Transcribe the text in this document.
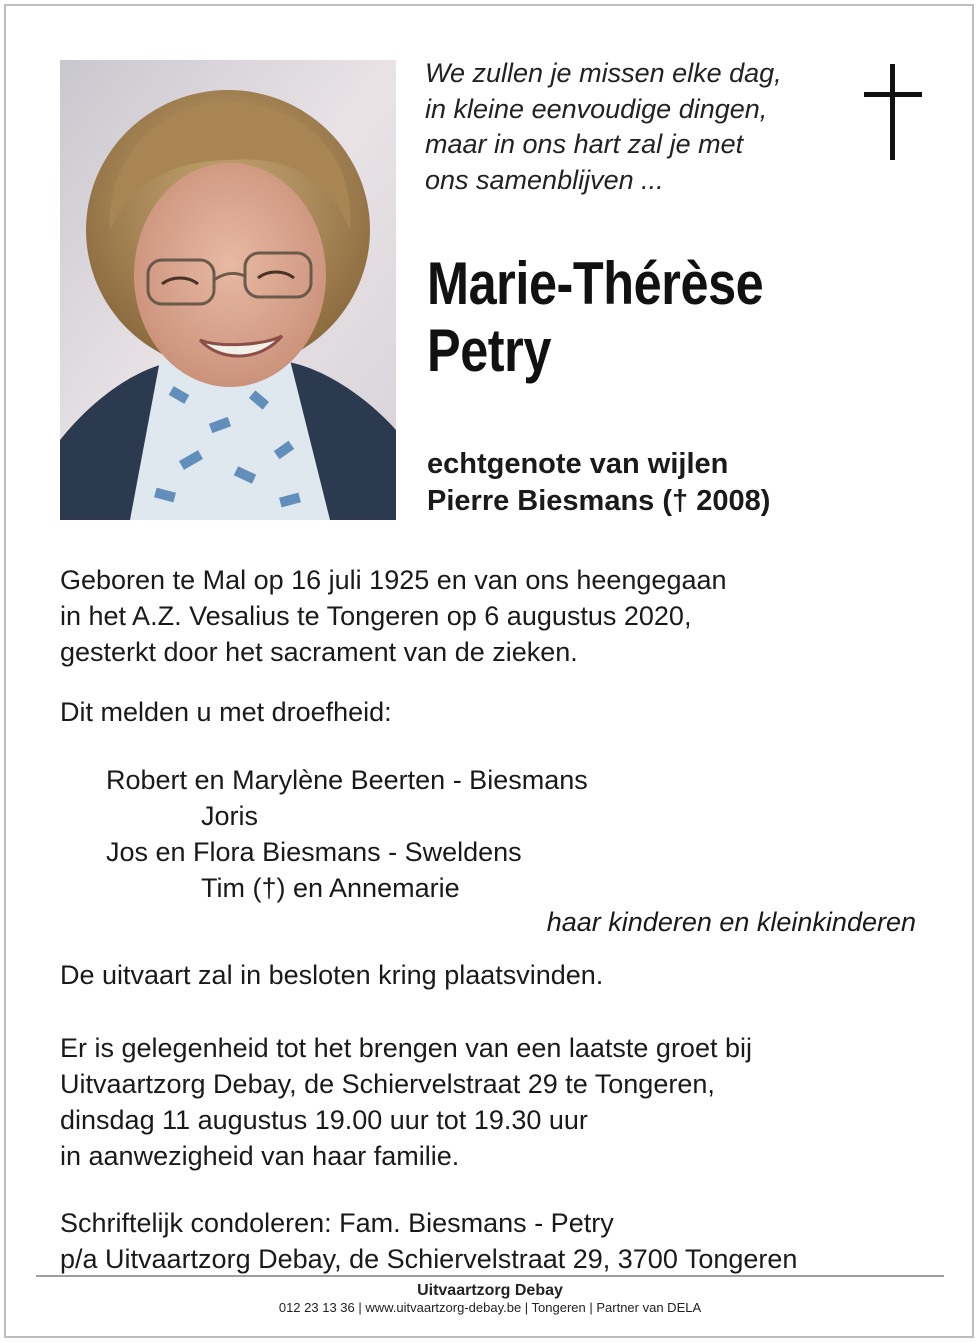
We zullen je missen elke dag,
in kleine eenvoudige dingen,
maar in ons hart zal je met
ons samenblijven ...
Marie-Thérèse
Petry
echtgenote van wijlen
Pierre Biesmans († 2008)
Geboren te Mal op 16 juli 1925 en van ons heengegaan
in het A.Z. Vesalius te Tongeren op 6 augustus 2020,
gesterkt door het sacrament van de zieken.
Dit melden u met droefheid:
Robert en Marylène Beerten - Biesmans
Joris
Jos en Flora Biesmans - Sweldens
Tim (†) en Annemarie
haar kinderen en kleinkinderen
De uitvaart zal in besloten kring plaatsvinden.
Er is gelegenheid tot het brengen van een laatste groet bij
Uitvaartzorg Debay, de Schiervelstraat 29 te Tongeren,
dinsdag 11 augustus 19.00 uur tot 19.30 uur
in aanwezigheid van haar familie.
Schriftelijk condoleren: Fam. Biesmans - Petry
p/a Uitvaartzorg Debay, de Schiervelstraat 29, 3700 Tongeren
Uitvaartzorg Debay
012 23 13 36 | www.uitvaartzorg-debay.be | Tongeren | Partner van DELA
